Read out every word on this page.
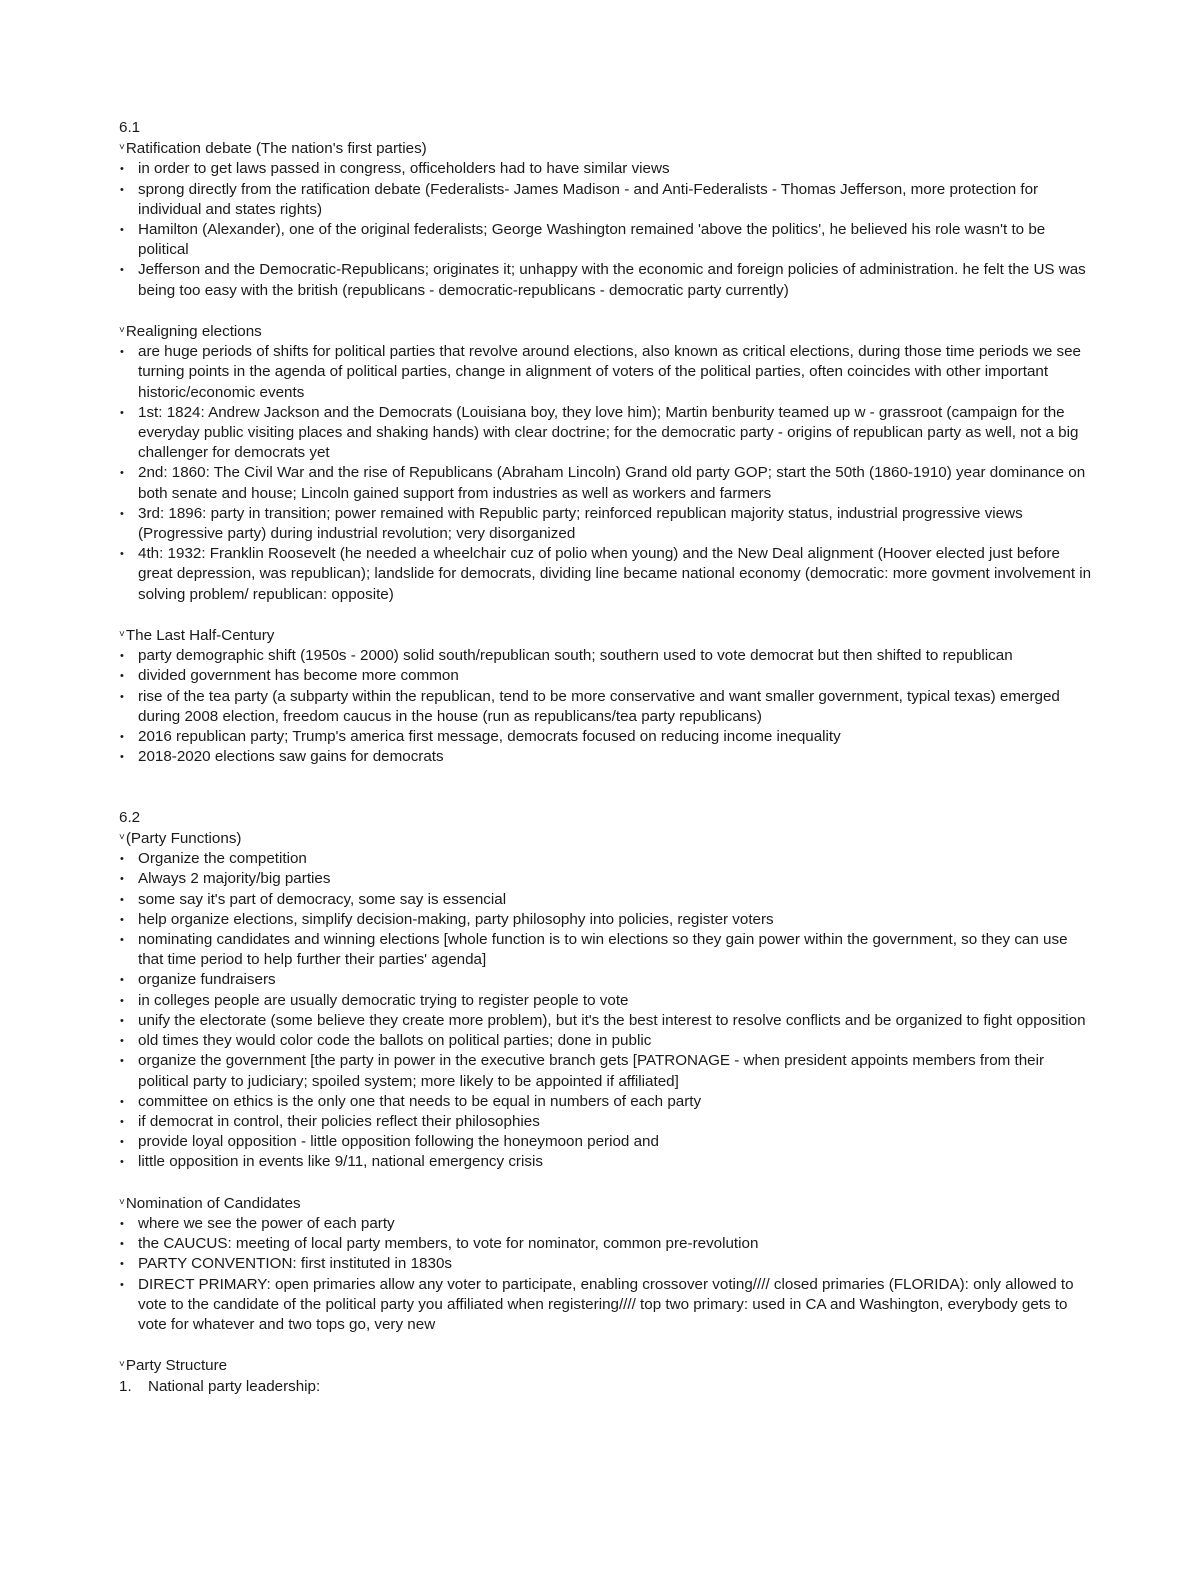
6.1

˅Ratification debate (The nation's first parties)

• in order to get laws passed in congress, officeholders had to have similar views
• sprong directly from the ratification debate (Federalists- James Madison - and Anti-Federalists - Thomas Jefferson, more protection for individual and states rights)
• Hamilton (Alexander), one of the original federalists; George Washington remained 'above the politics', he believed his role wasn't to be political
• Jefferson and the Democratic-Republicans; originates it; unhappy with the economic and foreign policies of administration. he felt the US was being too easy with the british (republicans - democratic-republicans - democratic party currently)

˅Realigning elections

• are huge periods of shifts for political parties that revolve around elections, also known as critical elections, during those time periods we see turning points in the agenda of political parties, change in alignment of voters of the political parties, often coincides with other important historic/economic events
• 1st: 1824: Andrew Jackson and the Democrats (Louisiana boy, they love him); Martin benburity teamed up w - grassroot (campaign for the everyday public visiting places and shaking hands) with clear doctrine; for the democratic party - origins of republican party as well, not a big challenger for democrats yet
• 2nd: 1860: The Civil War and the rise of Republicans (Abraham Lincoln) Grand old party GOP; start the 50th (1860-1910) year dominance on both senate and house; Lincoln gained support from industries as well as workers and farmers
• 3rd: 1896: party in transition; power remained with Republic party; reinforced republican majority status, industrial progressive views (Progressive party) during industrial revolution; very disorganized
• 4th: 1932: Franklin Roosevelt (he needed a wheelchair cuz of polio when young) and the New Deal alignment (Hoover elected just before great depression, was republican); landslide for democrats, dividing line became national economy (democratic: more govment involvement in solving problem/ republican: opposite)

˅The Last Half-Century

• party demographic shift (1950s - 2000) solid south/republican south; southern used to vote democrat but then shifted to republican
• divided government has become more common
• rise of the tea party (a subparty within the republican, tend to be more conservative and want smaller government, typical texas) emerged during 2008 election, freedom caucus in the house (run as republicans/tea party republicans)
• 2016 republican party; Trump's america first message, democrats focused on reducing income inequality
• 2018-2020 elections saw gains for democrats

6.2

˅(Party Functions)

• Organize the competition
• Always 2 majority/big parties
• some say it's part of democracy, some say is essencial
• help organize elections, simplify decision-making, party philosophy into policies, register voters
• nominating candidates and winning elections [whole function is to win elections so they gain power within the government, so they can use that time period to help further their parties' agenda]
• organize fundraisers
• in colleges people are usually democratic trying to register people to vote
• unify the electorate (some believe they create more problem), but it's the best interest to resolve conflicts and be organized to fight opposition
• old times they would color code the ballots on political parties; done in public
• organize the government [the party in power in the executive branch gets [PATRONAGE - when president appoints members from their political party to judiciary; spoiled system; more likely to be appointed if affiliated]
• committee on ethics is the only one that needs to be equal in numbers of each party
• if democrat in control, their policies reflect their philosophies
• provide loyal opposition - little opposition following the honeymoon period and
• little opposition in events like 9/11, national emergency crisis

˅Nomination of Candidates

• where we see the power of each party
• the CAUCUS: meeting of local party members, to vote for nominator, common pre-revolution
• PARTY CONVENTION: first instituted in 1830s
• DIRECT PRIMARY: open primaries allow any voter to participate, enabling crossover voting//// closed primaries (FLORIDA): only allowed to vote to the candidate of the political party you affiliated when registering//// top two primary: used in CA and Washington, everybody gets to vote for whatever and two tops go, very new

˅Party Structure

1. National party leadership:
